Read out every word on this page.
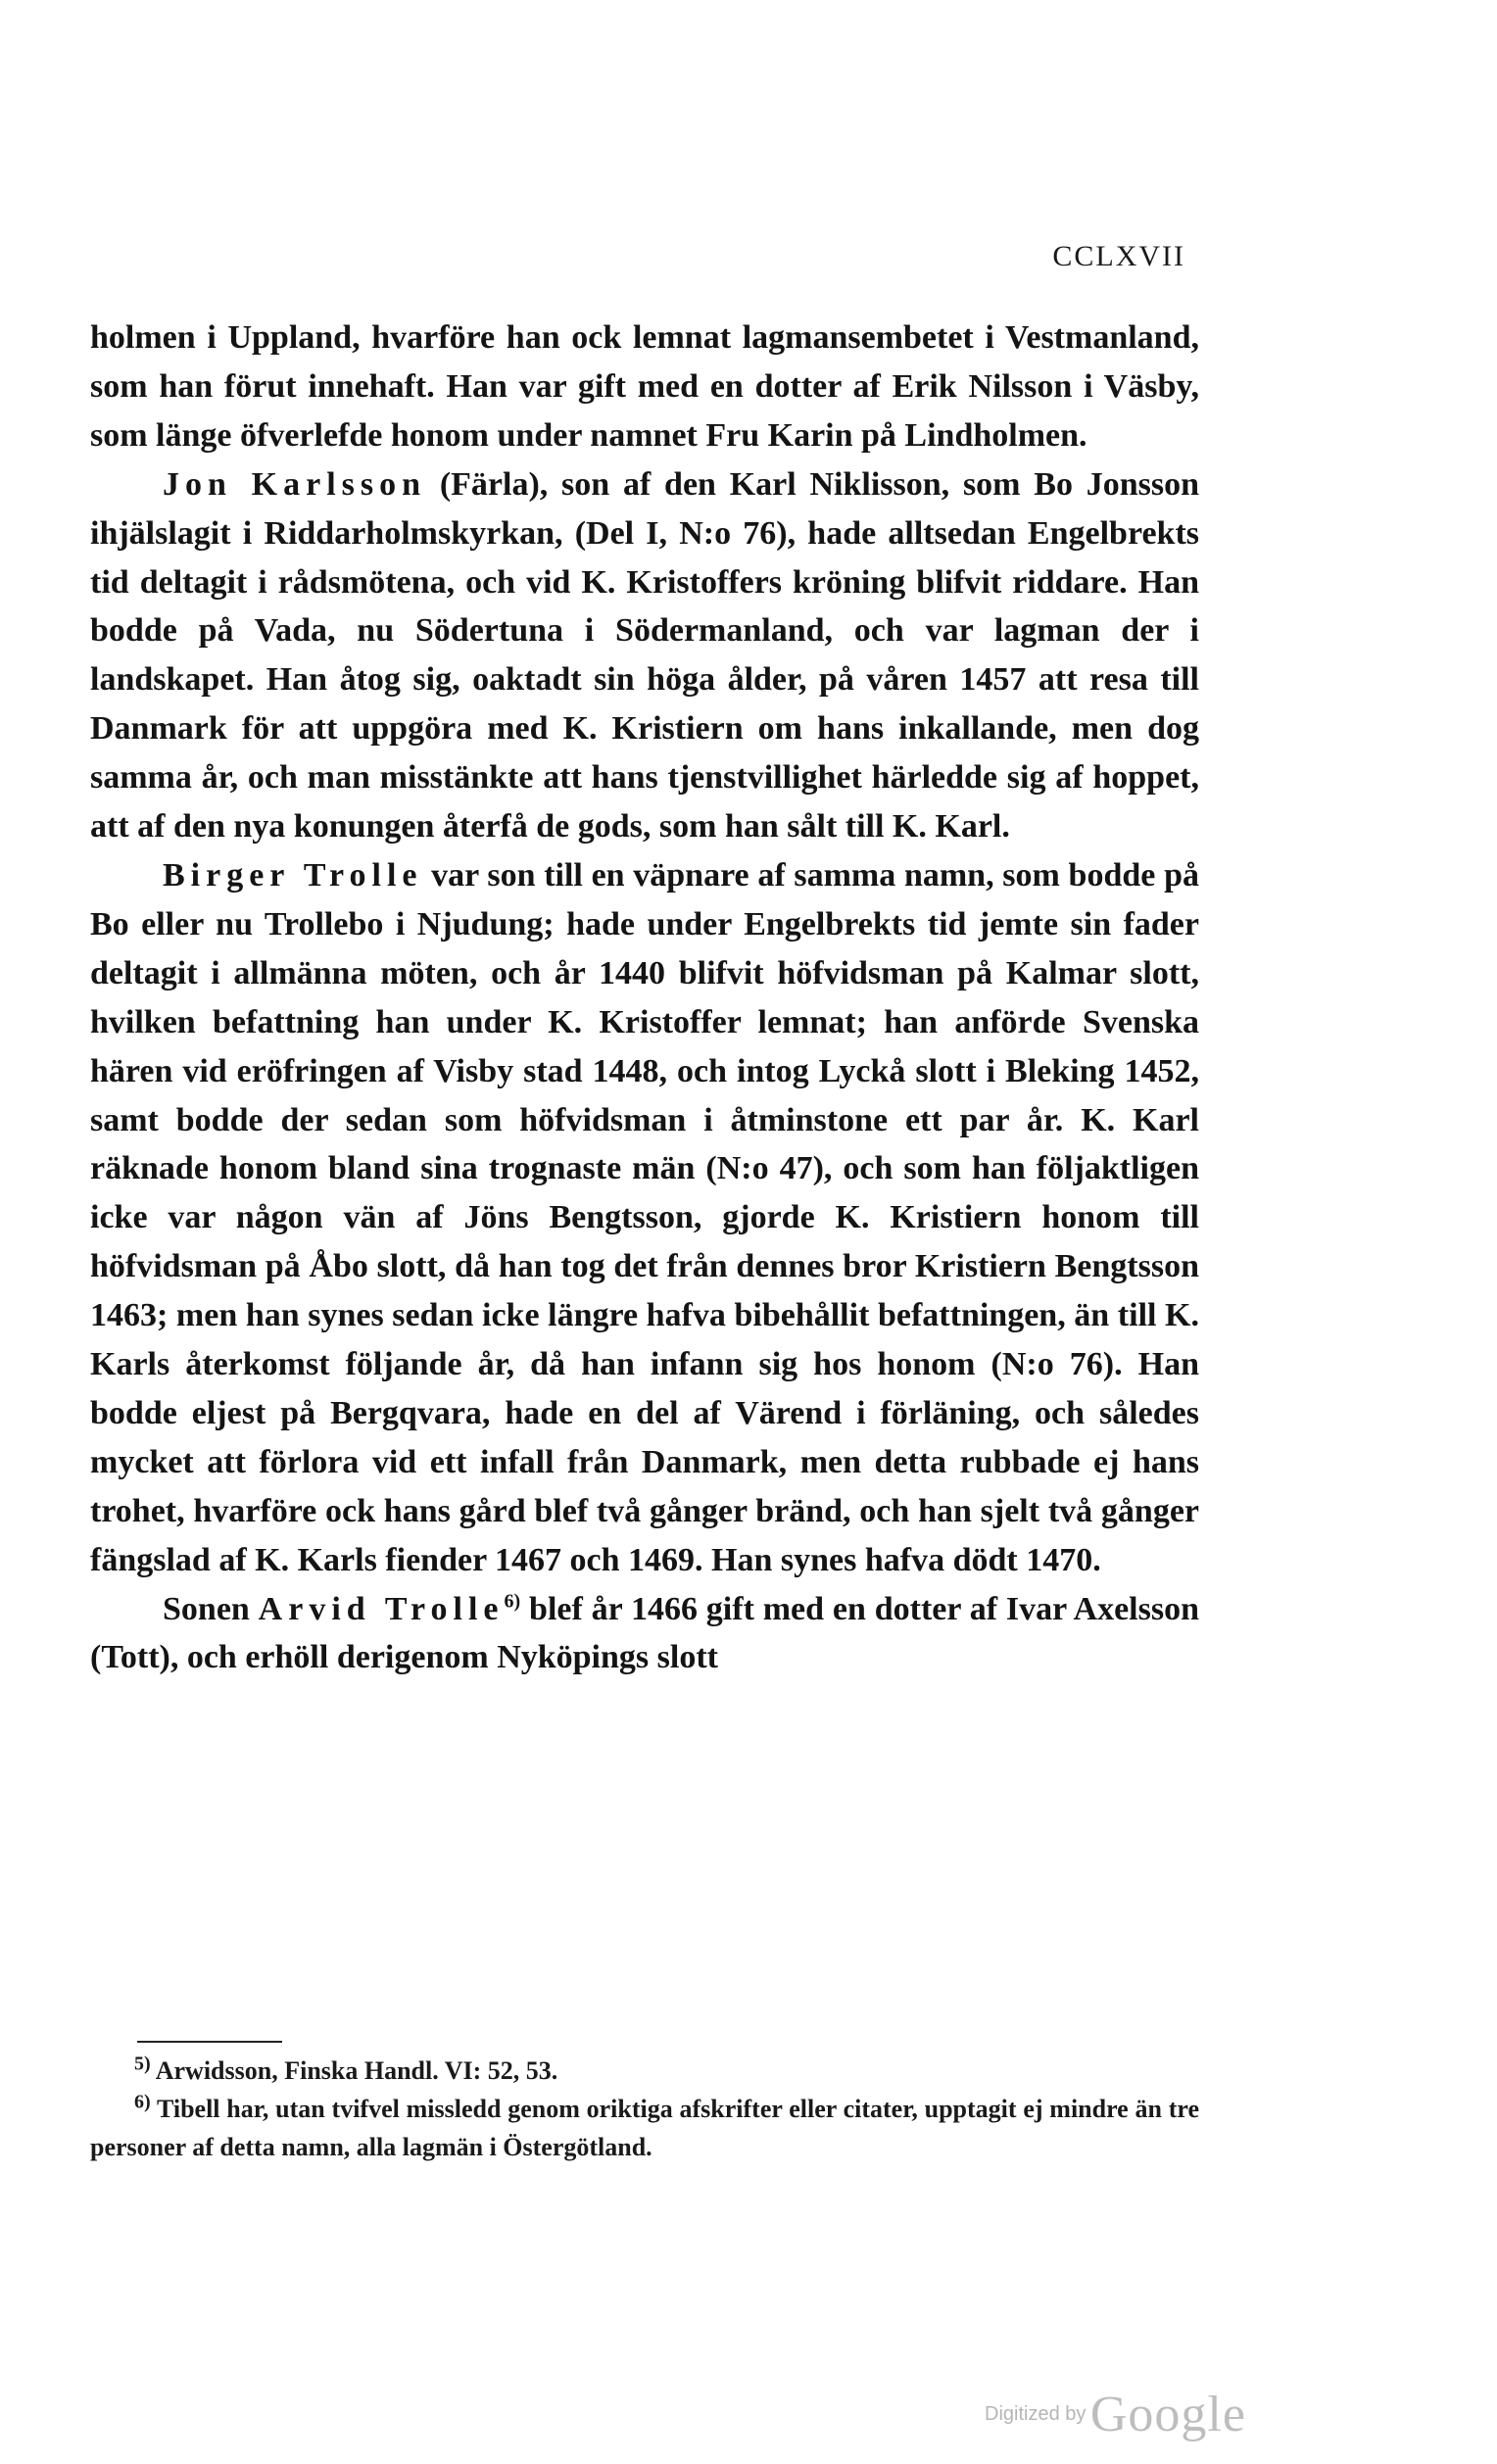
CCLXVII

holmen i Uppland, hvarföre han ock lemnat lagmansembetet i Vestmanland, som han förut innehaft. Han var gift med en dotter af Erik Nilsson i Väsby, som länge öfverlefde honom under namnet Fru Karin på Lindholmen.

Jon Karlsson (Färla), son af den Karl Niklisson, som Bo Jonsson ihjälslagit i Riddarholmskyrkan, (Del I, N:o 76), hade alltsedan Engelbrekts tid deltagit i rådsmötena, och vid K. Kristoffers kröning blifvit riddare. Han bodde på Vada, nu Södertuna i Södermanland, och var lagman der i landskapet. Han åtog sig, oaktadt sin höga ålder, på våren 1457 att resa till Danmark för att uppgöra med K. Kristiern om hans inkallande, men dog samma år, och man misstänkte att hans tjenstvillighet härledde sig af hoppet, att af den nya konungen återfå de gods, som han sålt till K. Karl.

Birger Trolle var son till en väpnare af samma namn, som bodde på Bo eller nu Trollebo i Njudung; hade under Engelbrekts tid jemte sin fader deltagit i allmänna möten, och år 1440 blifvit höfvidsman på Kalmar slott, hvilken befattning han under K. Kristoffer lemnat; han anförde Svenska hären vid eröfringen af Visby stad 1448, och intog Lyckå slott i Bleking 1452, samt bodde der sedan som höfvidsman i åtminstone ett par år. K. Karl räknade honom bland sina trognaste män (N:o 47), och som han följaktligen icke var någon vän af Jöns Bengtsson, gjorde K. Kristiern honom till höfvidsman på Åbo slott, då han tog det från dennes bror Kristiern Bengtsson 1463; men han synes sedan icke längre hafva bibehållit befattningen, än till K. Karls återkomst följande år, då han infann sig hos honom (N:o 76). Han bodde eljest på Bergqvara, hade en del af Värend i förläning, och således mycket att förlora vid ett infall från Danmark, men detta rubbade ej hans trohet, hvarföre ock hans gård blef två gånger bränd, och han sjelt två gånger fängslad af K. Karls fiender 1467 och 1469. Han synes hafva dödt 1470.

Sonen Arvid Trolle$^{6)}$ blef år 1466 gift med en dotter af Ivar Axelsson (Tott), och erhöll derigenom Nyköpings slott

$^{5)}$ Arwidsson, Finska Handl. VI: 52, 53.

$^{6)}$ Tibell har, utan tvifvel missledd genom oriktiga afskrifter eller citater, upptagit ej mindre än tre personer af detta namn, alla lagmän i Östergötland.

Digitized by Google
